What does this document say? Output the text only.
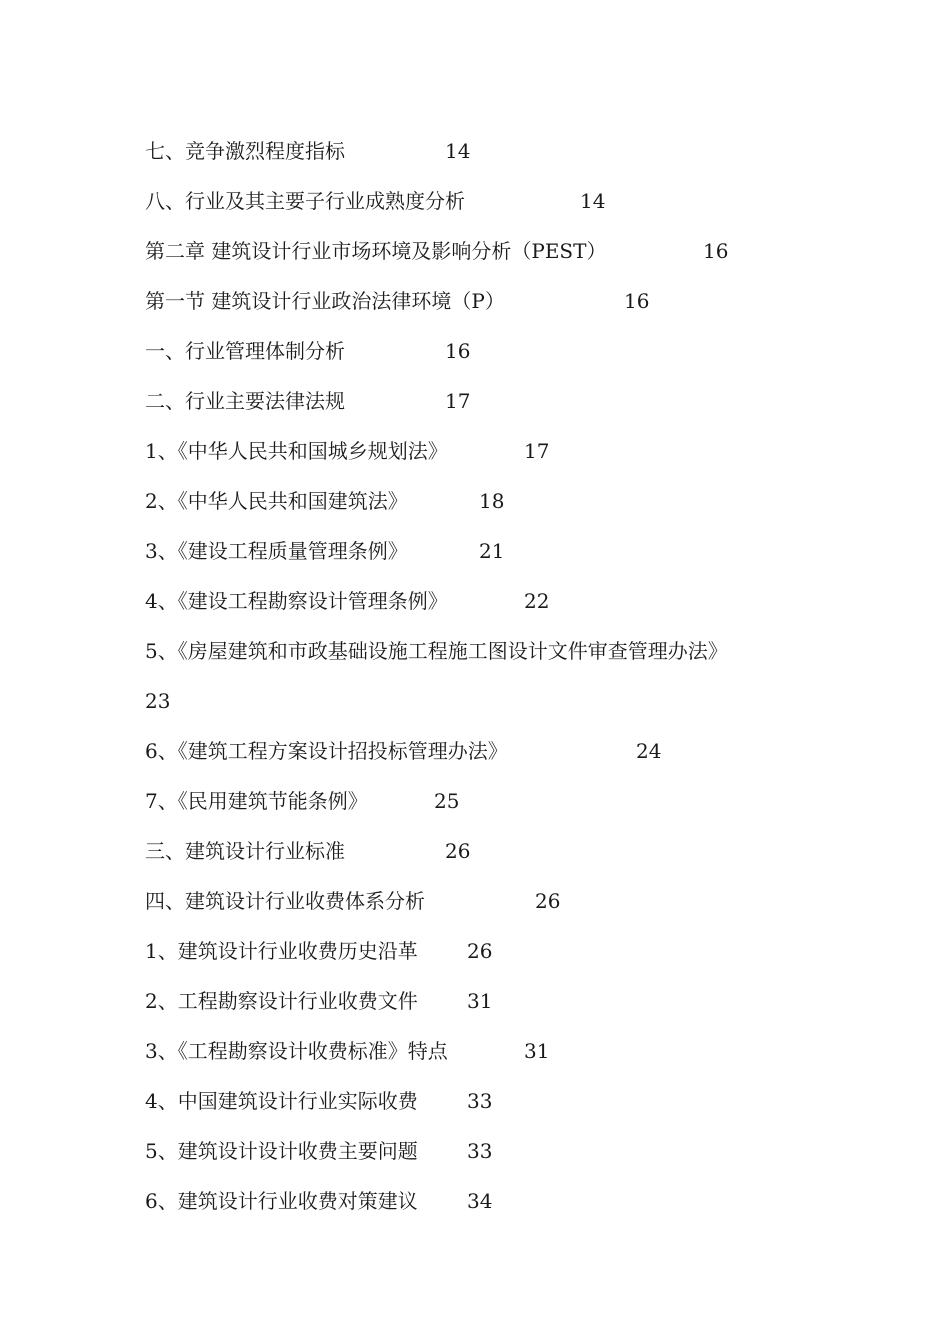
七、竞争激烈程度指标	14
八、行业及其主要子行业成熟度分析	14
第二章 建筑设计行业市场环境及影响分析（PEST）	16
第一节 建筑设计行业政治法律环境（P）	16
一、行业管理体制分析	16
二、行业主要法律法规	17
1、《中华人民共和国城乡规划法》	17
2、《中华人民共和国建筑法》	18
3、《建设工程质量管理条例》	21
4、《建设工程勘察设计管理条例》	22
5、《房屋建筑和市政基础设施工程施工图设计文件审查管理办法》
23
6、《建筑工程方案设计招投标管理办法》	24
7、《民用建筑节能条例》	25
三、建筑设计行业标准	26
四、建筑设计行业收费体系分析	26
1、建筑设计行业收费历史沿革 26
2、工程勘察设计行业收费文件 31
3、《工程勘察设计收费标准》特点	31
4、中国建筑设计行业实际收费 33
5、建筑设计设计收费主要问题 33
6、建筑设计行业收费对策建议 34
